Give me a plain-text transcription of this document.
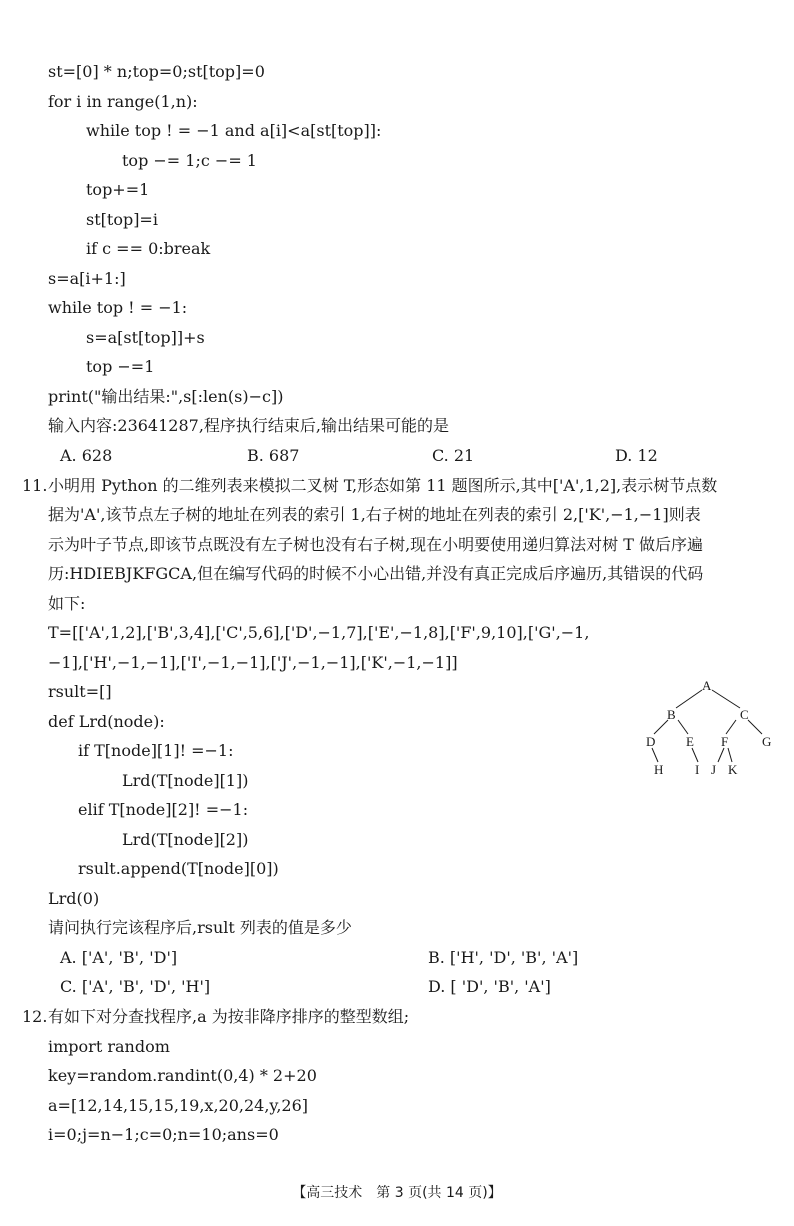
st=[0] * n;top=0;st[top]=0
for i in range(1,n):
while top ! = −1 and a[i]<a[st[top]]:
top −= 1;c −= 1
top+=1
st[top]=i
if c == 0:break
s=a[i+1:]
while top ! = −1:
s=a[st[top]]+s
top −=1
print("输出结果:",s[:len(s)−c])
输入内容:23641287,程序执行结束后,输出结果可能的是
A. 628	B. 687	C. 21	D. 12
11. 小明用 Python 的二维列表来模拟二叉树 T,形态如第 11 题图所示,其中['A',1,2],表示树节点数
据为'A',该节点左子树的地址在列表的索引 1,右子树的地址在列表的索引 2,['K',−1,−1]则表
示为叶子节点,即该节点既没有左子树也没有右子树,现在小明要使用递归算法对树 T 做后序遍
历:HDIEBJKFGCA,但在编写代码的时候不小心出错,并没有真正完成后序遍历,其错误的代码
如下:
T=[['A',1,2],['B',3,4],['C',5,6],['D',−1,7],['E',−1,8],['F',9,10],['G',−1,
−1],['H',−1,−1],['I',−1,−1],['J',−1,−1],['K',−1,−1]]
rsult=[]
def Lrd(node):
if T[node][1]! =−1:
Lrd(T[node][1])
elif T[node][2]! =−1:
Lrd(T[node][2])
rsult.append(T[node][0])
Lrd(0)
请问执行完该程序后,rsult 列表的值是多少
A. ['A', 'B', 'D']	B. ['H', 'D', 'B', 'A']
C. ['A', 'B', 'D', 'H']	D. [ 'D', 'B', 'A']
A
B	C
D E F	G
H I J K
12. 有如下对分查找程序,a 为按非降序排序的整型数组;
import random
key=random.randint(0,4) * 2+20
a=[12,14,15,15,19,x,20,24,y,26]
i=0;j=n−1;c=0;n=10;ans=0
【高三技术　第 3 页(共 14 页)】
